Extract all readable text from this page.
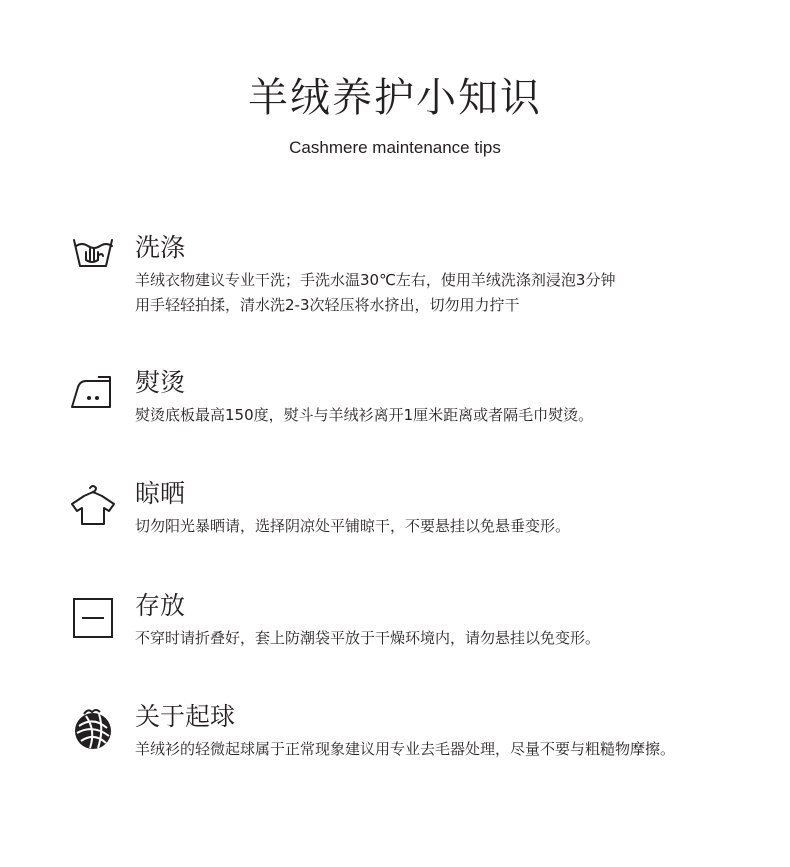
羊绒养护小知识
Cashmere maintenance tips
洗涤
羊绒衣物建议专业干洗；手洗水温30℃左右，使用羊绒洗涤剂浸泡3分钟
用手轻轻拍揉，清水洗2-3次轻压将水挤出，切勿用力拧干
熨烫
熨烫底板最高150度，熨斗与羊绒衫离开1厘米距离或者隔毛巾熨烫。
晾晒
切勿阳光暴晒请，选择阴凉处平铺晾干，不要悬挂以免悬垂变形。
存放
不穿时请折叠好，套上防潮袋平放于干燥环境内，请勿悬挂以免变形。
关于起球
羊绒衫的轻微起球属于正常现象建议用专业去毛器处理，尽量不要与粗糙物摩擦。
